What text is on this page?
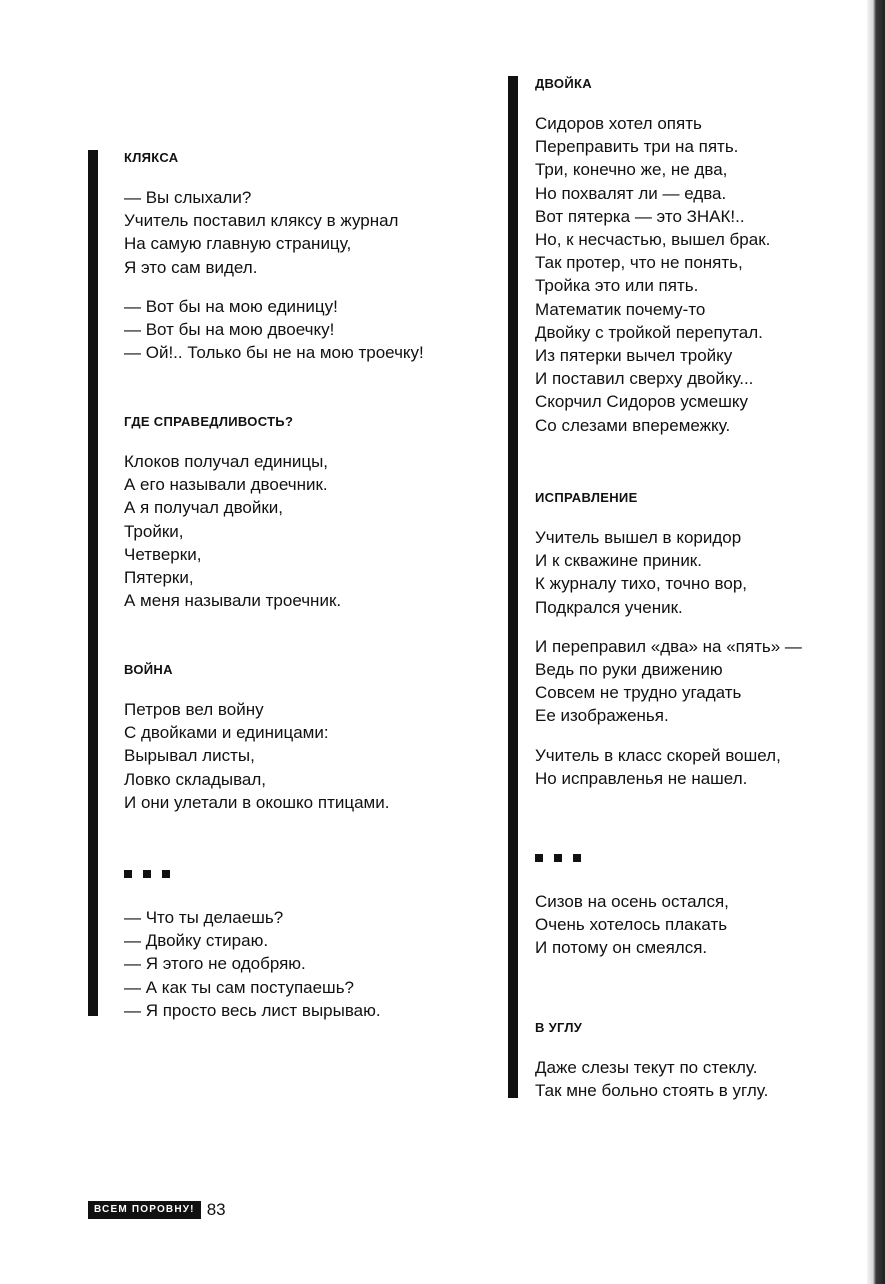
КЛЯКСА
— Вы слыхали?
Учитель поставил кляксу в журнал
На самую главную страницу,
Я это сам видел.
— Вот бы на мою единицу!
— Вот бы на мою двоечку!
— Ой!.. Только бы не на мою троечку!
ГДЕ СПРАВЕДЛИВОСТЬ?
Клоков получал единицы,
А его называли двоечник.
А я получал двойки,
Тройки,
Четверки,
Пятерки,
А меня называли троечник.
ВОЙНА
Петров вел войну
С двойками и единицами:
Вырывал листы,
Ловко складывал,
И они улетали в окошко птицами.
— Что ты делаешь?
— Двойку стираю.
— Я этого не одобряю.
— А как ты сам поступаешь?
— Я просто весь лист вырываю.
ДВОЙКА
Сидоров хотел опять
Переправить три на пять.
Три, конечно же, не два,
Но похвалят ли — едва.
Вот пятерка — это ЗНАК!..
Но, к несчастью, вышел брак.
Так протер, что не понять,
Тройка это или пять.
Математик почему-то
Двойку с тройкой перепутал.
Из пятерки вычел тройку
И поставил сверху двойку...
Скорчил Сидоров усмешку
Со слезами вперемежку.
ИСПРАВЛЕНИЕ
Учитель вышел в коридор
И к скважине приник.
К журналу тихо, точно вор,
Подкрался ученик.
И переправил «два» на «пять» —
Ведь по руки движению
Совсем не трудно угадать
Ее изображенья.
Учитель в класс скорей вошел,
Но исправленья не нашел.
Сизов на осень остался,
Очень хотелось плакать
И потому он смеялся.
В УГЛУ
Даже слезы текут по стеклу.
Так мне больно стоять в углу.
ВСЕМ ПОРОВНУ! 83
